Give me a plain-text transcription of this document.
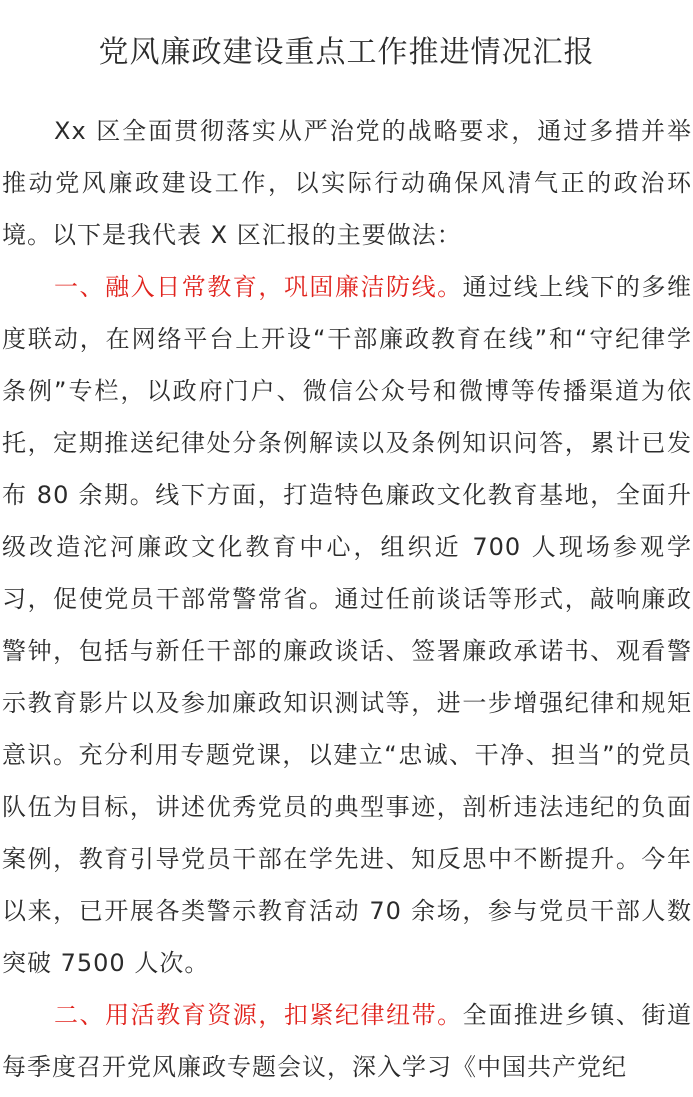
党风廉政建设重点工作推进情况汇报

Xx 区全面贯彻落实从严治党的战略要求，通过多措并举推动党风廉政建设工作，以实际行动确保风清气正的政治环境。以下是我代表 X 区汇报的主要做法：

一、融入日常教育，巩固廉洁防线。通过线上线下的多维度联动，在网络平台上开设“干部廉政教育在线”和“守纪律学条例”专栏，以政府门户、微信公众号和微博等传播渠道为依托，定期推送纪律处分条例解读以及条例知识问答，累计已发布 80 余期。线下方面，打造特色廉政文化教育基地，全面升级改造沱河廉政文化教育中心，组织近 700 人现场参观学习，促使党员干部常警常省。通过任前谈话等形式，敲响廉政警钟，包括与新任干部的廉政谈话、签署廉政承诺书、观看警示教育影片以及参加廉政知识测试等，进一步增强纪律和规矩意识。充分利用专题党课，以建立“忠诚、干净、担当”的党员队伍为目标，讲述优秀党员的典型事迹，剖析违法违纪的负面案例，教育引导党员干部在学先进、知反思中不断提升。今年以来，已开展各类警示教育活动 70 余场，参与党员干部人数突破 7500 人次。

二、用活教育资源，扣紧纪律纽带。全面推进乡镇、街道每季度召开党风廉政专题会议，深入学习《中国共产党纪
